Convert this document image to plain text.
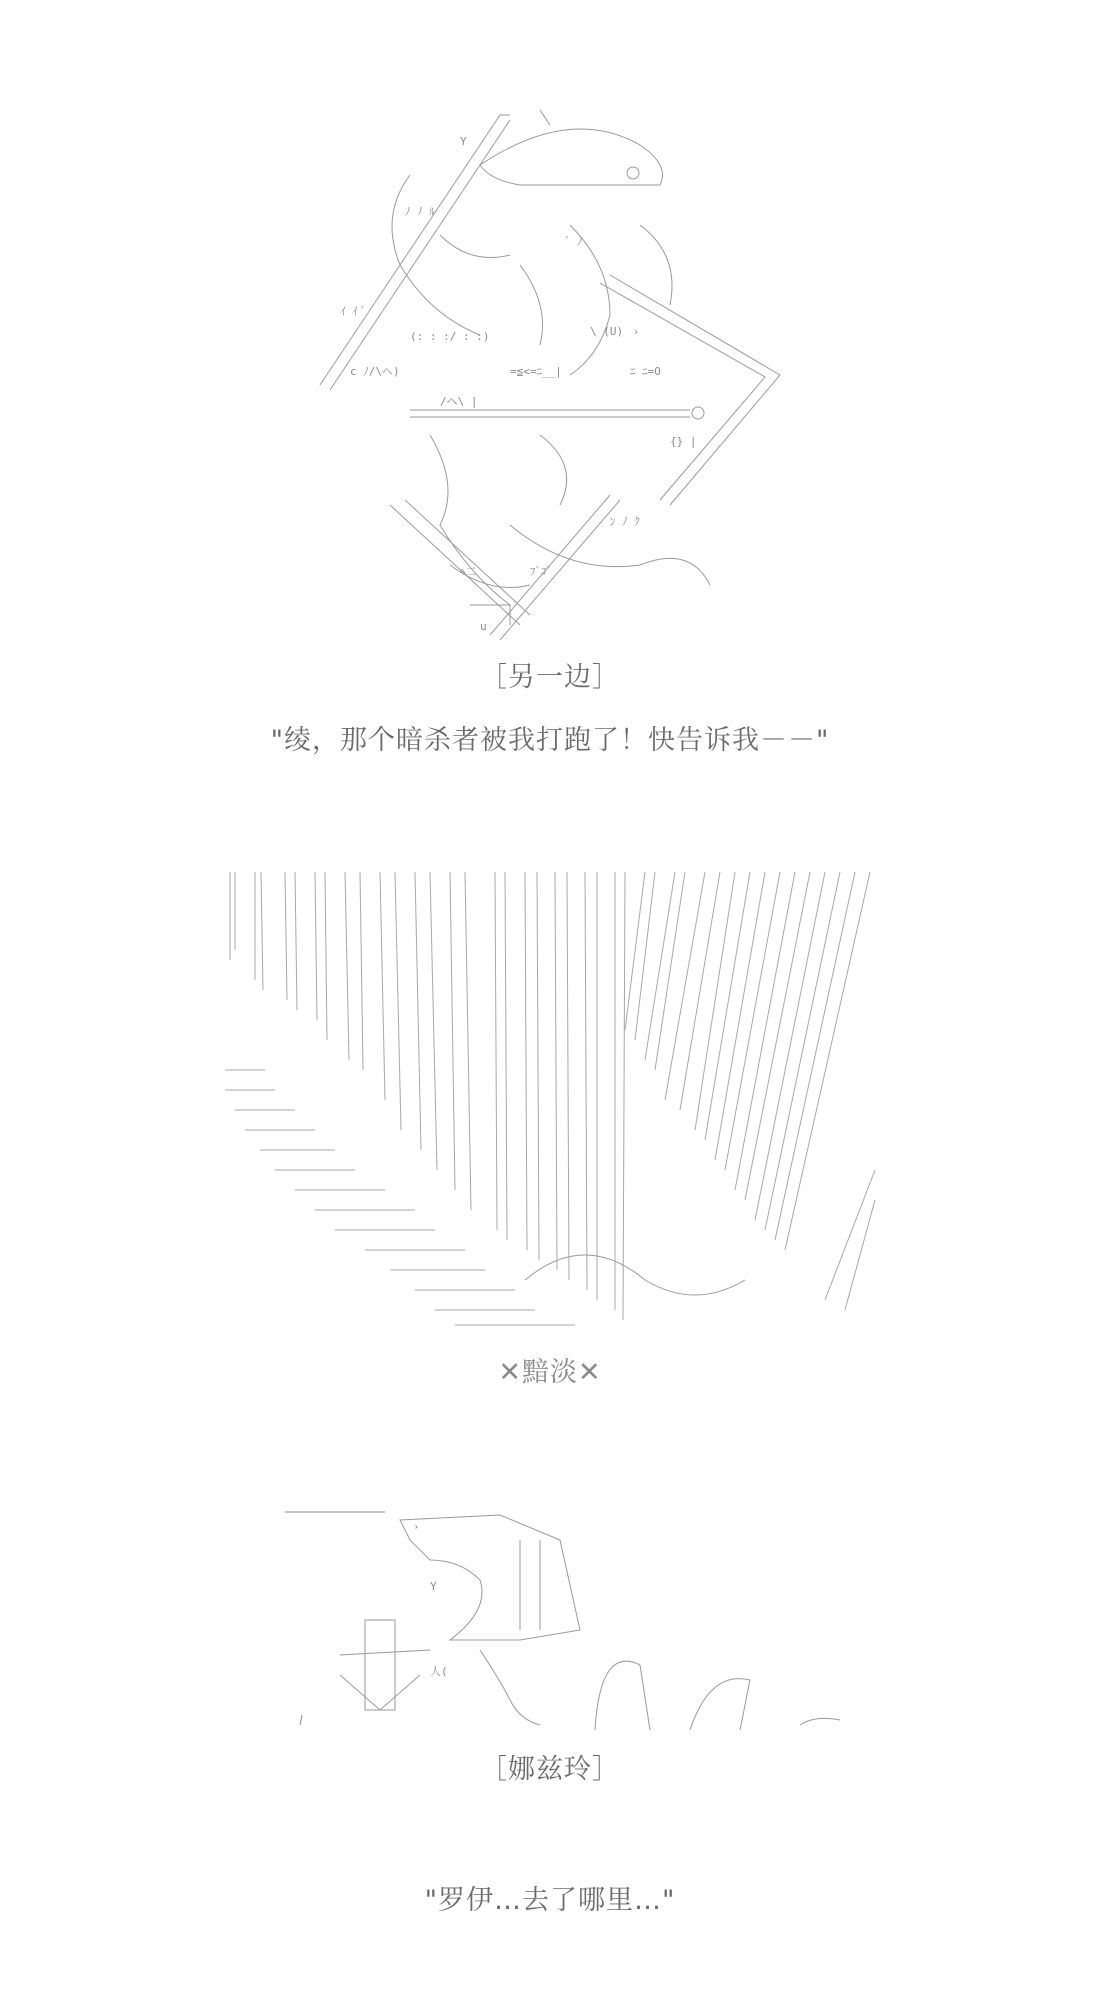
Y
ﾉ ﾉ ﾙ
ﾞ ﾉ
ｲ ｲ ﾟ
(: : :/ : :)	\ (U) ゝ
c ﾉ/\へ)	=≦<=ﾆ__|	ﾆ ﾆ=O
/ヘ\ |
{} |
ﾝ ﾉ ｸ
ﾍ二	ﾌﾞｺﾞ
u
［另一边］
"绫，那个暗杀者被我打跑了！快告诉我－－"
✕黯淡✕
ゝ
Y
人(
［娜兹玲］
"罗伊…去了哪里…"
